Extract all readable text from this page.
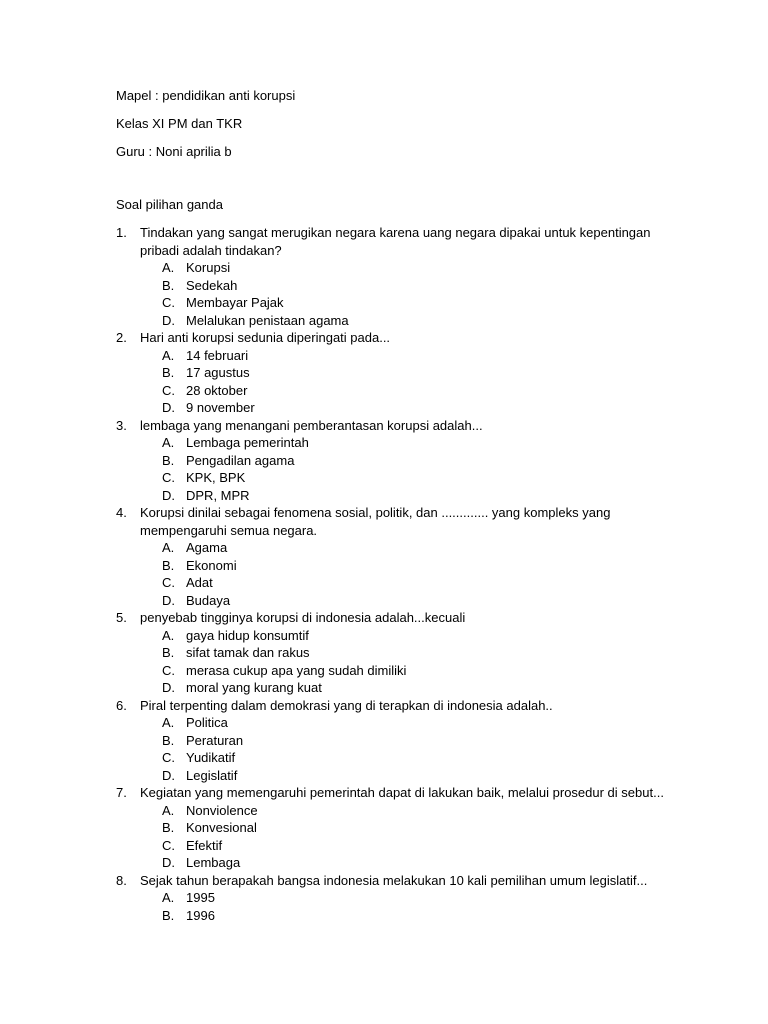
Mapel : pendidikan anti korupsi

Kelas XI PM dan TKR

Guru : Noni aprilia b

Soal pilihan ganda

1. Tindakan yang sangat merugikan negara karena uang negara dipakai untuk kepentingan pribadi adalah tindakan?
A. Korupsi
B. Sedekah
C. Membayar Pajak
D. Melalukan penistaan agama
2. Hari anti korupsi sedunia diperingati pada...
A. 14 februari
B. 17 agustus
C. 28 oktober
D. 9 november
3. lembaga yang menangani pemberantasan korupsi adalah...
A. Lembaga pemerintah
B. Pengadilan agama
C. KPK, BPK
D. DPR, MPR
4. Korupsi dinilai sebagai fenomena sosial, politik, dan ............. yang kompleks yang mempengaruhi semua negara.
A. Agama
B. Ekonomi
C. Adat
D. Budaya
5. penyebab tingginya korupsi di indonesia adalah...kecuali
A. gaya hidup konsumtif
B. sifat tamak dan rakus
C. merasa cukup apa yang sudah dimiliki
D. moral yang kurang kuat
6. Piral terpenting dalam demokrasi yang di terapkan di indonesia adalah..
A. Politica
B. Peraturan
C. Yudikatif
D. Legislatif
7. Kegiatan yang memengaruhi pemerintah dapat di lakukan baik, melalui prosedur di sebut...
A. Nonviolence
B. Konvesional
C. Efektif
D. Lembaga
8. Sejak tahun berapakah bangsa indonesia melakukan 10 kali pemilihan umum legislatif...
A. 1995
B. 1996
